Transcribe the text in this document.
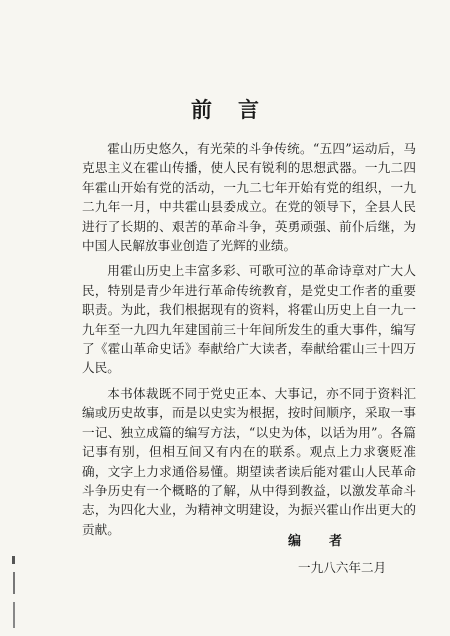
前言

霍山历史悠久，有光荣的斗争传统。“五四”运动后，马克思主义在霍山传播，使人民有锐利的思想武器。一九二四年霍山开始有党的活动，一九二七年开始有党的组织，一九二九年一月，中共霍山县委成立。在党的领导下，全县人民进行了长期的、艰苦的革命斗争，英勇顽强、前仆后继，为中国人民解放事业创造了光辉的业绩。

用霍山历史上丰富多彩、可歌可泣的革命诗章对广大人民，特别是青少年进行革命传统教育，是党史工作者的重要职责。为此，我们根据现有的资料，将霍山历史上自一九一九年至一九四九年建国前三十年间所发生的重大事件，编写了《霍山革命史话》奉献给广大读者，奉献给霍山三十四万人民。

本书体裁既不同于党史正本、大事记，亦不同于资料汇编或历史故事，而是以史实为根据，按时间顺序，采取一事一记、独立成篇的编写方法，“以史为体，以话为用”。各篇记事有别，但相互间又有内在的联系。观点上力求褒贬准确，文字上力求通俗易懂。期望读者读后能对霍山人民革命斗争历史有一个概略的了解，从中得到教益，以激发革命斗志，为四化大业，为精神文明建设，为振兴霍山作出更大的贡献。

编者
一九八六年二月
